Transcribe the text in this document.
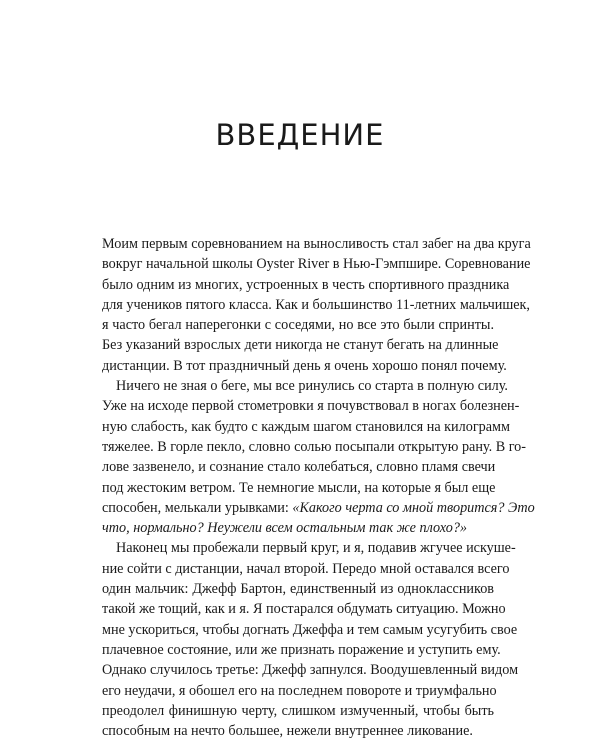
ВВЕДЕНИЕ
Моим первым соревнованием на выносливость стал забег на два круга
вокруг начальной школы Oyster River в Нью-Гэмпшире. Соревнование
было одним из многих, устроенных в честь спортивного праздника
для учеников пятого класса. Как и большинство 11-летних мальчишек,
я часто бегал наперегонки с соседями, но все это были спринты.
Без указаний взрослых дети никогда не станут бегать на длинные
дистанции. В тот праздничный день я очень хорошо понял почему.
Ничего не зная о беге, мы все ринулись со старта в полную силу.
Уже на исходе первой стометровки я почувствовал в ногах болезнен-
ную слабость, как будто с каждым шагом становился на килограмм
тяжелее. В горле пекло, словно солью посыпали открытую рану. В го-
лове зазвенело, и сознание стало колебаться, словно пламя свечи
под жестоким ветром. Те немногие мысли, на которые я был еще
способен, мелькали урывками: «Какого черта со мной творится? Это
что, нормально? Неужели всем остальным так же плохо?»
Наконец мы пробежали первый круг, и я, подавив жгучее искуше-
ние сойти с дистанции, начал второй. Передо мной оставался всего
один мальчик: Джефф Бартон, единственный из одноклассников
такой же тощий, как и я. Я постарался обдумать ситуацию. Можно
мне ускориться, чтобы догнать Джеффа и тем самым усугубить свое
плачевное состояние, или же признать поражение и уступить ему.
Однако случилось третье: Джефф запнулся. Воодушевленный видом
его неудачи, я обошел его на последнем повороте и триумфально
преодолел финишную черту, слишком измученный, чтобы быть
способным на нечто большее, нежели внутреннее ликование.
